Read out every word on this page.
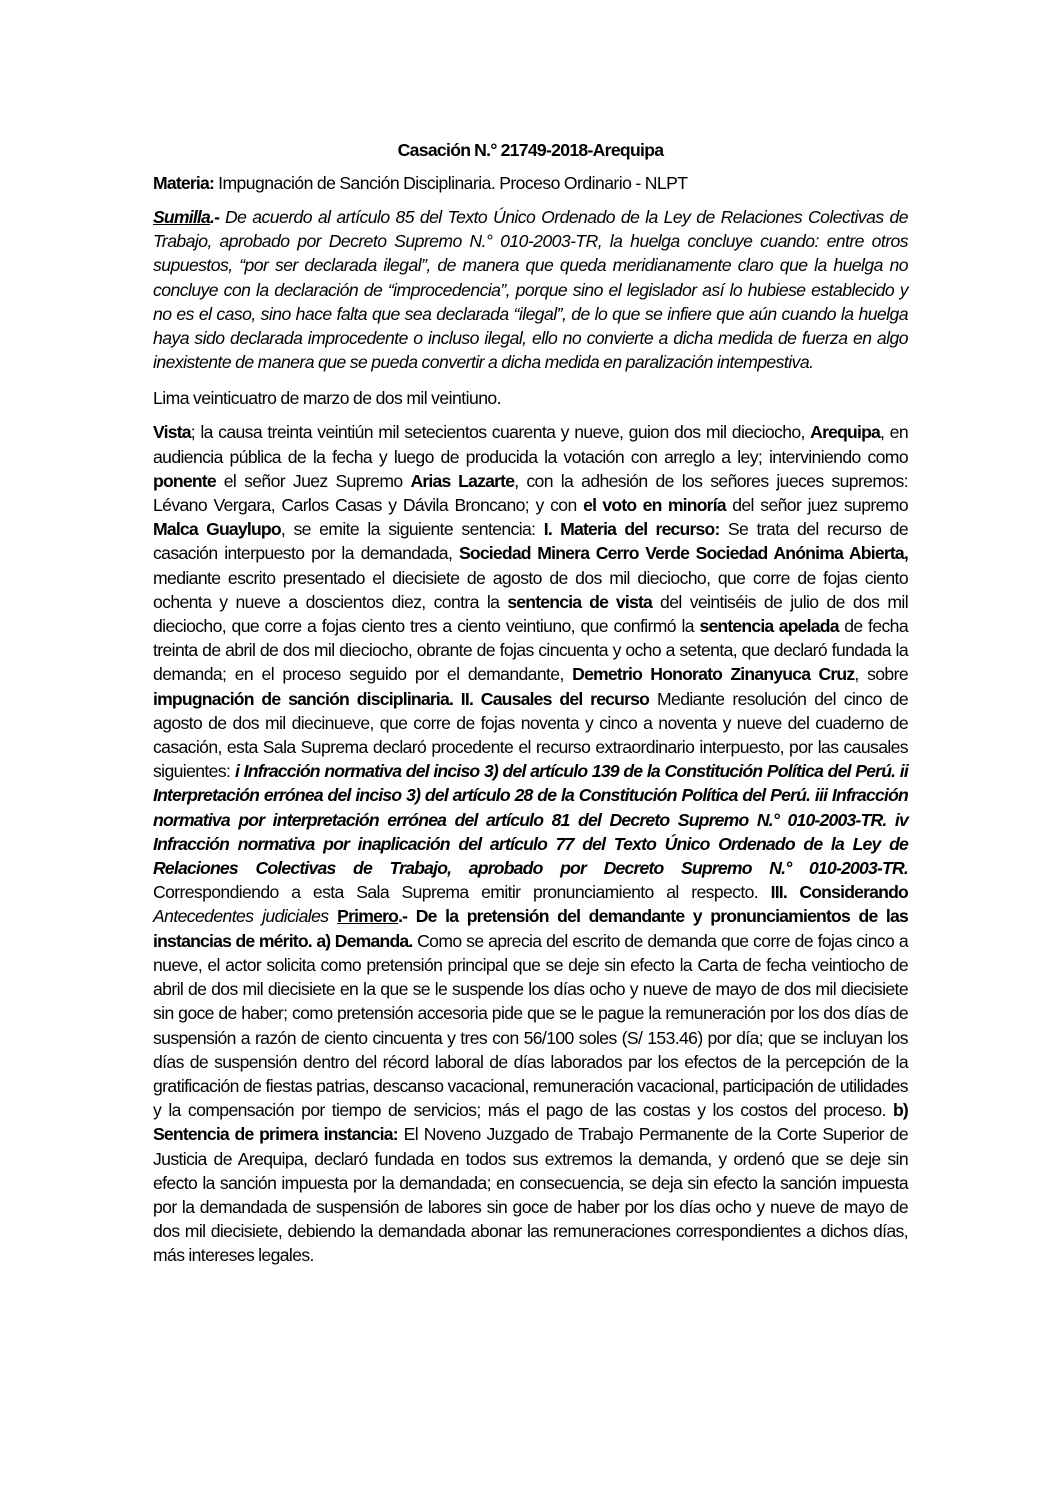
Casación N.° 21749-2018-Arequipa
Materia: Impugnación de Sanción Disciplinaria. Proceso Ordinario - NLPT
Sumilla.- De acuerdo al artículo 85 del Texto Único Ordenado de la Ley de Relaciones Colectivas de Trabajo, aprobado por Decreto Supremo N.° 010-2003-TR, la huelga concluye cuando: entre otros supuestos, “por ser declarada ilegal”, de manera que queda meridianamente claro que la huelga no concluye con la declaración de “improcedencia”, porque sino el legislador así lo hubiese establecido y no es el caso, sino hace falta que sea declarada “ilegal”, de lo que se infiere que aún cuando la huelga haya sido declarada improcedente o incluso ilegal, ello no convierte a dicha medida de fuerza en algo inexistente de manera que se pueda convertir a dicha medida en paralización intempestiva.
Lima veinticuatro de marzo de dos mil veintiuno.
Vista; la causa treinta veintiún mil setecientos cuarenta y nueve, guion dos mil dieciocho, Arequipa, en audiencia pública de la fecha y luego de producida la votación con arreglo a ley; interviniendo como ponente el señor Juez Supremo Arias Lazarte, con la adhesión de los señores jueces supremos: Lévano Vergara, Carlos Casas y Dávila Broncano; y con el voto en minoría del señor juez supremo Malca Guaylupo, se emite la siguiente sentencia: I. Materia del recurso: Se trata del recurso de casación interpuesto por la demandada, Sociedad Minera Cerro Verde Sociedad Anónima Abierta, mediante escrito presentado el diecisiete de agosto de dos mil dieciocho, que corre de fojas ciento ochenta y nueve a doscientos diez, contra la sentencia de vista del veintiséis de julio de dos mil dieciocho, que corre a fojas ciento tres a ciento veintiuno, que confirmó la sentencia apelada de fecha treinta de abril de dos mil dieciocho, obrante de fojas cincuenta y ocho a setenta, que declaró fundada la demanda; en el proceso seguido por el demandante, Demetrio Honorato Zinanyuca Cruz, sobre impugnación de sanción disciplinaria. II. Causales del recurso Mediante resolución del cinco de agosto de dos mil diecinueve, que corre de fojas noventa y cinco a noventa y nueve del cuaderno de casación, esta Sala Suprema declaró procedente el recurso extraordinario interpuesto, por las causales siguientes: i Infracción normativa del inciso 3) del artículo 139 de la Constitución Política del Perú. ii Interpretación errónea del inciso 3) del artículo 28 de la Constitución Política del Perú. iii Infracción normativa por interpretación errónea del artículo 81 del Decreto Supremo N.° 010-2003-TR. iv Infracción normativa por inaplicación del artículo 77 del Texto Único Ordenado de la Ley de Relaciones Colectivas de Trabajo, aprobado por Decreto Supremo N.° 010-2003-TR. Correspondiendo a esta Sala Suprema emitir pronunciamiento al respecto. III. Considerando Antecedentes judiciales Primero.- De la pretensión del demandante y pronunciamientos de las instancias de mérito. a) Demanda. Como se aprecia del escrito de demanda que corre de fojas cinco a nueve, el actor solicita como pretensión principal que se deje sin efecto la Carta de fecha veintiocho de abril de dos mil diecisiete en la que se le suspende los días ocho y nueve de mayo de dos mil diecisiete sin goce de haber; como pretensión accesoria pide que se le pague la remuneración por los dos días de suspensión a razón de ciento cincuenta y tres con 56/100 soles (S/ 153.46) por día; que se incluyan los días de suspensión dentro del récord laboral de días laborados par los efectos de la percepción de la gratificación de fiestas patrias, descanso vacacional, remuneración vacacional, participación de utilidades y la compensación por tiempo de servicios; más el pago de las costas y los costos del proceso. b) Sentencia de primera instancia: El Noveno Juzgado de Trabajo Permanente de la Corte Superior de Justicia de Arequipa, declaró fundada en todos sus extremos la demanda, y ordenó que se deje sin efecto la sanción impuesta por la demandada; en consecuencia, se deja sin efecto la sanción impuesta por la demandada de suspensión de labores sin goce de haber por los días ocho y nueve de mayo de dos mil diecisiete, debiendo la demandada abonar las remuneraciones correspondientes a dichos días, más intereses legales.
